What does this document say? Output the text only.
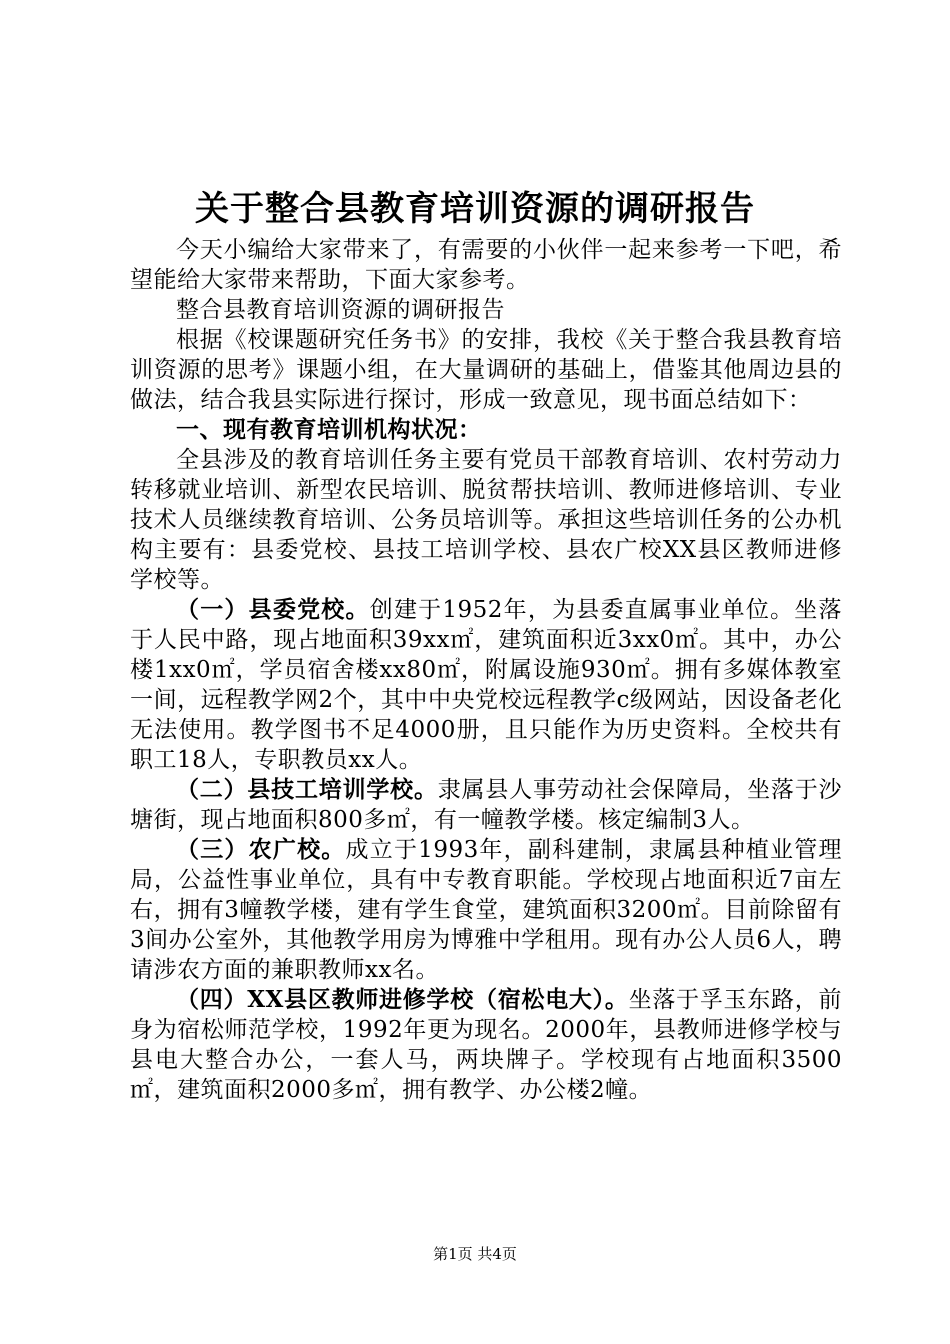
关于整合县教育培训资源的调研报告

今天小编给大家带来了，有需要的小伙伴一起来参考一下吧，希望能给大家带来帮助，下面大家参考。

整合县教育培训资源的调研报告

根据《校课题研究任务书》的安排，我校《关于整合我县教育培训资源的思考》课题小组，在大量调研的基础上，借鉴其他周边县的做法，结合我县实际进行探讨，形成一致意见，现书面总结如下：

一、现有教育培训机构状况：

全县涉及的教育培训任务主要有党员干部教育培训、农村劳动力转移就业培训、新型农民培训、脱贫帮扶培训、教师进修培训、专业技术人员继续教育培训、公务员培训等。承担这些培训任务的公办机构主要有：县委党校、县技工培训学校、县农广校XX县区教师进修学校等。

（一）县委党校。创建于1952年，为县委直属事业单位。坐落于人民中路，现占地面积39xx㎡，建筑面积近3xx0㎡。其中，办公楼1xx0㎡，学员宿舍楼xx80㎡，附属设施930㎡。拥有多媒体教室一间，远程教学网2个，其中中央党校远程教学c级网站，因设备老化无法使用。教学图书不足4000册，且只能作为历史资料。全校共有职工18人，专职教员xx人。

（二）县技工培训学校。隶属县人事劳动社会保障局，坐落于沙塘街，现占地面积800多㎡，有一幢教学楼。核定编制3人。

（三）农广校。成立于1993年，副科建制，隶属县种植业管理局，公益性事业单位，具有中专教育职能。学校现占地面积近7亩左右，拥有3幢教学楼，建有学生食堂，建筑面积3200㎡。目前除留有3间办公室外，其他教学用房为博雅中学租用。现有办公人员6人，聘请涉农方面的兼职教师xx名。

（四）XX县区教师进修学校（宿松电大）。坐落于孚玉东路，前身为宿松师范学校，1992年更为现名。2000年，县教师进修学校与县电大整合办公，一套人马，两块牌子。学校现有占地面积3500㎡，建筑面积2000多㎡，拥有教学、办公楼2幢。

第1页 共4页
